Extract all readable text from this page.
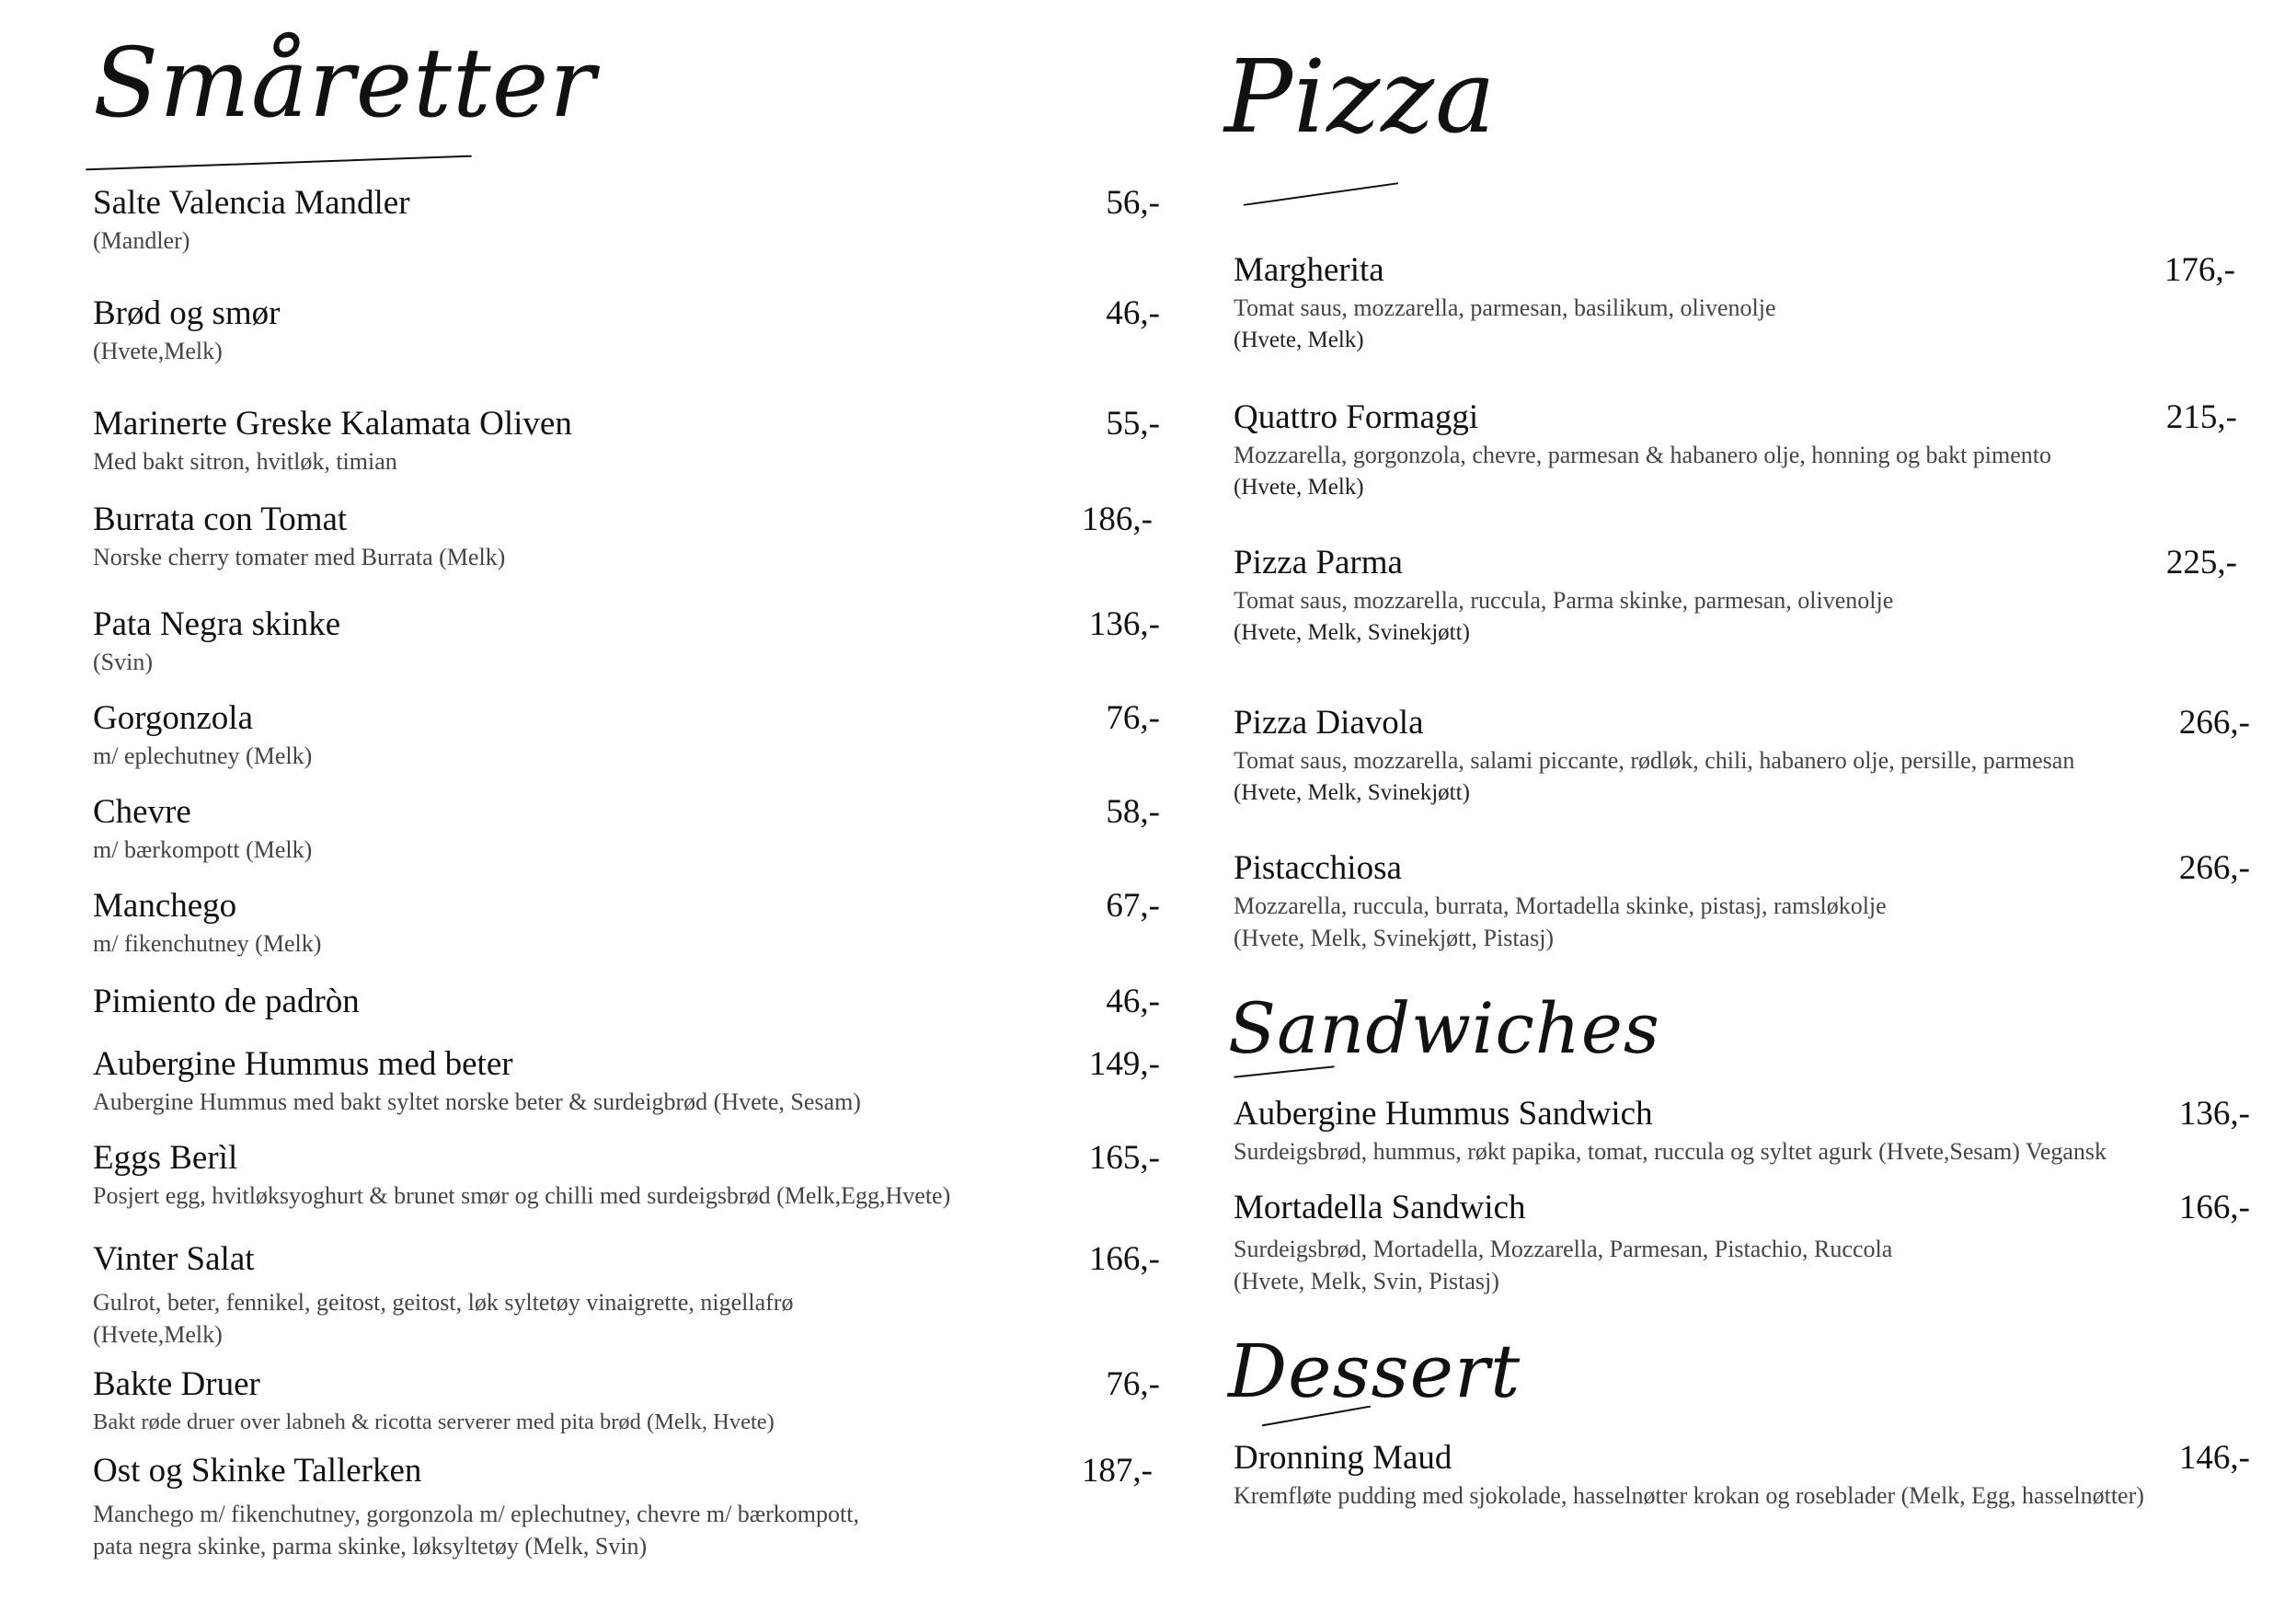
Småretter
Salte Valencia Mandler	56,-
(Mandler)
Brød og smør	46,-
(Hvete,Melk)
Marinerte Greske Kalamata Oliven	55,-
Med bakt sitron, hvitløk, timian
Burrata con Tomat	186,-
Norske cherry tomater med Burrata (Melk)
Pata Negra skinke	136,-
(Svin)
Gorgonzola	76,-
m/ eplechutney (Melk)
Chevre	58,-
m/ bærkompott (Melk)
Manchego	67,-
m/ fikenchutney (Melk)
Pimiento de padròn	46,-
Aubergine Hummus med beter	149,-
Aubergine Hummus med bakt syltet norske beter & surdeigbrød (Hvete, Sesam)
Eggs Berìl	165,-
Posjert egg, hvitløksyoghurt & brunet smør og chilli med surdeigsbrød (Melk,Egg,Hvete)
Vinter Salat	166,-
Gulrot, beter, fennikel, geitost, geitost, løk syltetøy vinaigrette, nigellafrø
(Hvete,Melk)
Bakte Druer	76,-
Bakt røde druer over labneh & ricotta serverer med pita brød (Melk, Hvete)
Ost og Skinke Tallerken	187,-
Manchego m/ fikenchutney, gorgonzola m/ eplechutney, chevre m/ bærkompott,
pata negra skinke, parma skinke, løksyltetøy (Melk, Svin)
Pizza
Margherita	176,-
Tomat saus, mozzarella, parmesan, basilikum, olivenolje
(Hvete, Melk)
Quattro Formaggi	215,-
Mozzarella, gorgonzola, chevre, parmesan & habanero olje, honning og bakt pimento
(Hvete, Melk)
Pizza Parma	225,-
Tomat saus, mozzarella, ruccula, Parma skinke, parmesan, olivenolje
(Hvete, Melk, Svinekjøtt)
Pizza Diavola	266,-
Tomat saus, mozzarella, salami piccante, rødløk, chili, habanero olje, persille, parmesan
(Hvete, Melk, Svinekjøtt)
Pistacchiosa	266,-
Mozzarella, ruccula, burrata, Mortadella skinke, pistasj, ramsløkolje
(Hvete, Melk, Svinekjøtt, Pistasj)
Sandwiches
Aubergine Hummus Sandwich	136,-
Surdeigsbrød, hummus, røkt papika, tomat, ruccula og syltet agurk (Hvete,Sesam) Vegansk
Mortadella Sandwich	166,-
Surdeigsbrød, Mortadella, Mozzarella, Parmesan, Pistachio, Ruccola
(Hvete, Melk, Svin, Pistasj)
Dessert
Dronning Maud	146,-
Kremfløte pudding med sjokolade, hasselnøtter krokan og roseblader (Melk, Egg, hasselnøtter)
